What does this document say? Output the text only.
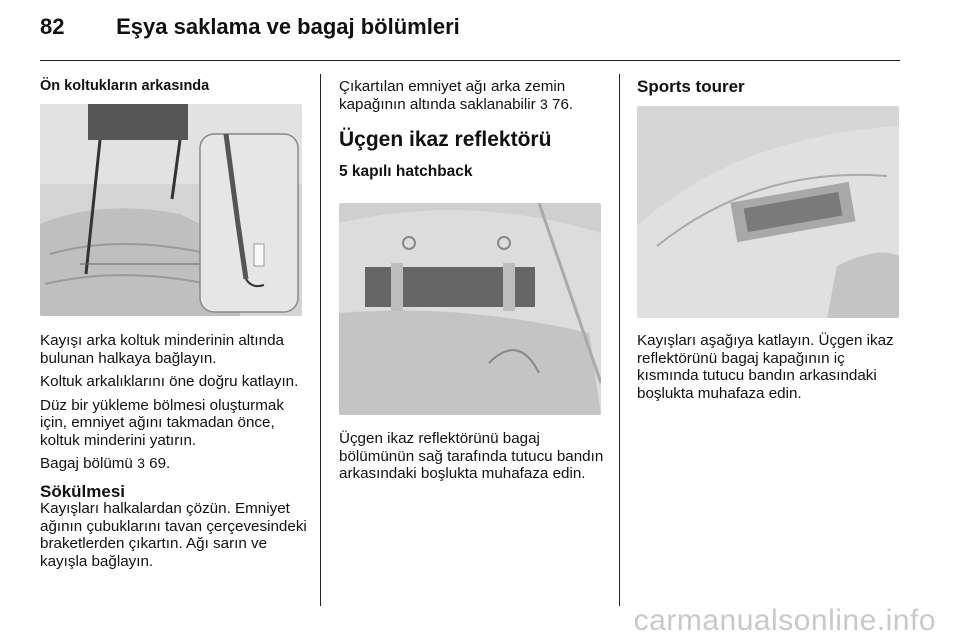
82 Eşya saklama ve bagaj bölümleri
Ön koltukların arkasında

Kayışı arka koltuk minderinin altında bulunan halkaya bağlayın.

Koltuk arkalıklarını öne doğru katlayın.

Düz bir yükleme bölmesi oluşturmak için, emniyet ağını takmadan önce, koltuk minderini yatırın.

Bagaj bölümü 3 69.

Sökülmesi

Kayışları halkalardan çözün. Emniyet ağının çubuklarını tavan çerçevesindeki braketlerden çıkartın. Ağı sarın ve kayışla bağlayın.

Çıkartılan emniyet ağı arka zemin kapağının altında saklanabilir 3 76.

Üçgen ikaz reflektörü
5 kapılı hatchback

Üçgen ikaz reflektörünü bagaj bölümünün sağ tarafında tutucu bandın arkasındaki boşlukta muhafaza edin.

Sports tourer

Kayışları aşağıya katlayın. Üçgen ikaz reflektörünü bagaj kapağının iç kısmında tutucu bandın arkasındaki boşlukta muhafaza edin.

carmanualsonline.info
